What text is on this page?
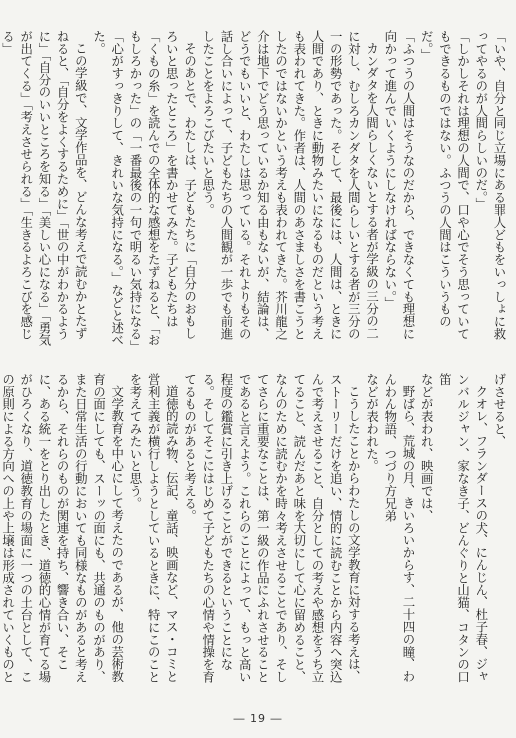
「いや、自分と同じ立場にある罪人どもをいっしょに救ってやるのが人間らしいのだ。」

「しかしそれは理想の人間で、口や心でそう思っていてもできるものではない。ふつうの人間はこういうものだ。」

「ふつうの人間はそうなのだから、できなくても理想に向かって進んでいくようにしなければならない。」

カンダタを人間らしくないとする者が学級の三分の二に対し、むしろカンダタを人間らしいとする者が三分の一の形勢であった。そして、最後には、人間は、ときに人間であり、ときに動物みたいになるものだという考えも表われてきた。作者は、人間のあさましさを書こうとしたのではないかという考えも表われてきた。芥川龍之介は地下でどう思っているか知る由もないが、結論は、どうでもいいと、わたしは思っている。それよりもその話し合いによって、子どもたちの人間観が一歩でも前進したことをよろこびたいと思う。

そのあとで、わたしは、子どもたちに「自分のおもしろいと思ったところ」を書かせてみた。子どもたちは「くもの糸」を読んでの全体的な感想をたずねると、「おもしろかった」の「一番最後の一句で明るい気持になる」「心がすっきりして、きれいな気持になる。」などと述べた。

この学級で、文学作品を、どんな考えで読むかとたずねると、「自分をよくするために」「世の中がわかるように」「自分のいいところを知る」「美しい心になる」「勇気が出てくる」「考えさせられる」「生きるよろこびを感じる」

げさせると、

クオレ、フランダースの犬、にんじん、杜子春、ジャンバルジャン、家なき子、どんぐりと山猫、コタンの口笛

などが表われ、映画では、

野ばら、荒城の月、きいろいからす、二十四の瞳、わんわん物語、つづり方兄弟

などが表われた。

こうしたことからわたしの文学教育に対する考えは、ストーリーだけを追い、情的に読むことから内容へ突込んで考えさせること、自分としての考えや感想をうち立てること、読んだあと味を大切にして心に留めること、なんのために読むかを時々考えさせることであり、そしてさらに重要なことは、第一級の作品にふれさせることであると言えよう。これらのことによって、もっと高い程度の鑑賞に引き上げることができるということになる。そしてそこにはじめて子どもたちの心情や情操を育てるものがあると考える。

道徳的読み物、伝記、童話、映画など、マス・コミと営利主義が横行しようとしているときに、特にこのことを考えてみたいと思う。

文学教育を中心にして考えたのであるが、他の芸術教育の面にしても、スーッの面にも、共通のものがあり、また日常生活の行動においても同様なものがあると考えるから、それらのものが関連を持ち、響き合い、そこに、ある統一をとり出したとき、道徳的心情が育てる場がひろくなり、道徳教育の場面に一つの土台として、この原則による方向への上や上壌は形成されていくものと

― 19 ―
